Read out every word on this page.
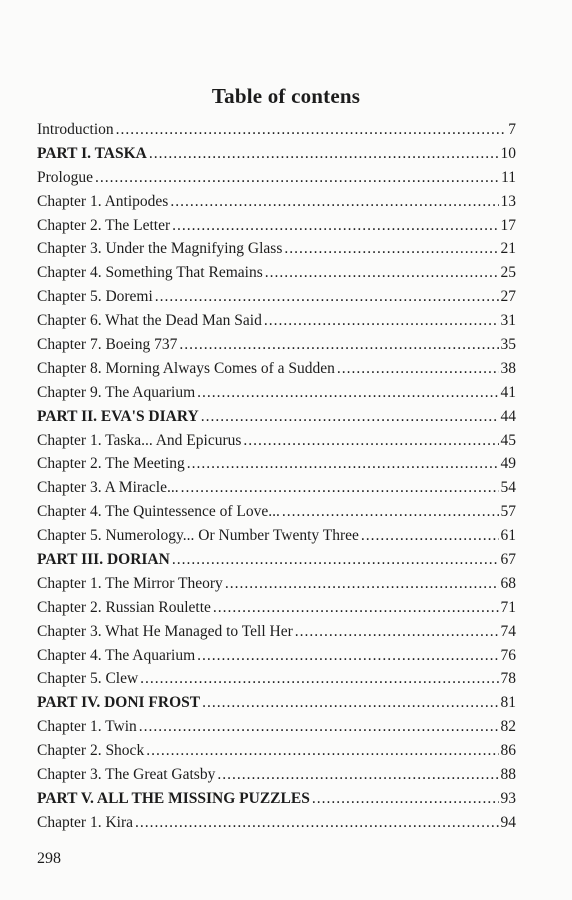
Table of contens
Introduction .....	7
PART I. TASKA .....	10
Prologue .....	11
Chapter 1. Antipodes .....	13
Chapter 2. The Letter .....	17
Chapter 3. Under the Magnifying Glass .....	21
Chapter 4. Something That Remains .....	25
Chapter 5. Doremi .....	27
Chapter 6. What the Dead Man Said .....	31
Chapter 7. Boeing 737 .....	35
Chapter 8. Morning Always Comes of a Sudden .....	38
Chapter 9. The Aquarium .....	41
PART II. EVA'S DIARY .....	44
Chapter 1. Taska... And Epicurus .....	45
Chapter 2. The Meeting .....	49
Chapter 3. A Miracle... .....	54
Chapter 4. The Quintessence of Love... .....	57
Chapter 5. Numerology... Or Number Twenty Three .....	61
PART III. DORIAN .....	67
Chapter 1. The Mirror Theory .....	68
Chapter 2. Russian Roulette .....	71
Chapter 3. What He Managed to Tell Her .....	74
Chapter 4. The Aquarium .....	76
Chapter 5. Clew .....	78
PART IV. DONI FROST .....	81
Chapter 1. Twin .....	82
Chapter 2. Shock .....	86
Chapter 3. The Great Gatsby .....	88
PART V. ALL THE MISSING PUZZLES .....	93
Chapter 1. Kira .....	94
298
